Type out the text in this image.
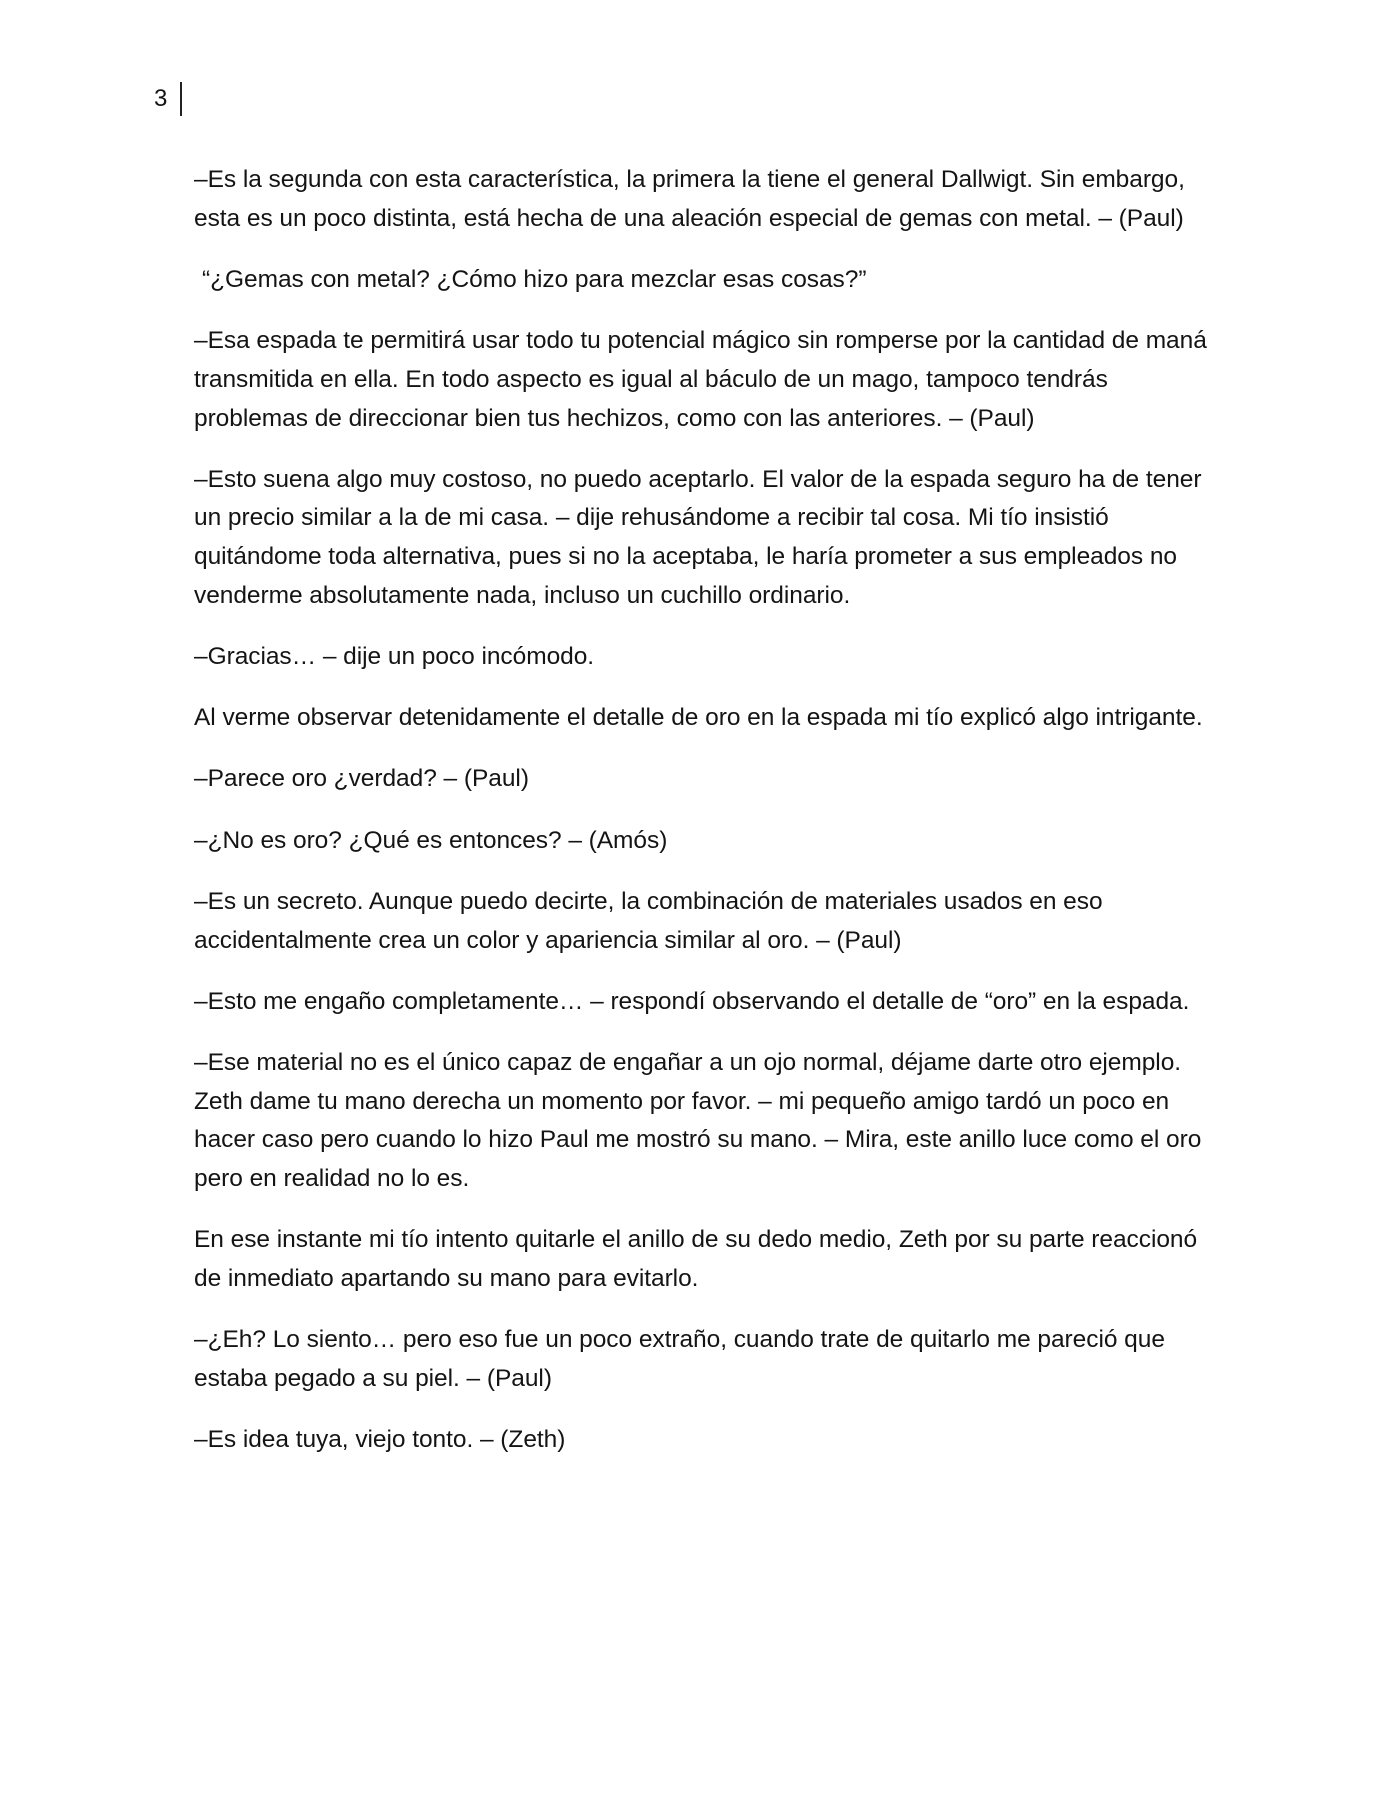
3

–Es la segunda con esta característica, la primera la tiene el general Dallwigt. Sin embargo, esta es un poco distinta, está hecha de una aleación especial de gemas con metal. – (Paul)

“¿Gemas con metal? ¿Cómo hizo para mezclar esas cosas?”

–Esa espada te permitirá usar todo tu potencial mágico sin romperse por la cantidad de maná transmitida en ella. En todo aspecto es igual al báculo de un mago, tampoco tendrás problemas de direccionar bien tus hechizos, como con las anteriores. – (Paul)

–Esto suena algo muy costoso, no puedo aceptarlo. El valor de la espada seguro ha de tener un precio similar a la de mi casa. – dije rehusándome a recibir tal cosa. Mi tío insistió quitándome toda alternativa, pues si no la aceptaba, le haría prometer a sus empleados no venderme absolutamente nada, incluso un cuchillo ordinario.

–Gracias… – dije un poco incómodo.

Al verme observar detenidamente el detalle de oro en la espada mi tío explicó algo intrigante.

–Parece oro ¿verdad? – (Paul)

–¿No es oro? ¿Qué es entonces? – (Amós)

–Es un secreto. Aunque puedo decirte, la combinación de materiales usados en eso accidentalmente crea un color y apariencia similar al oro. – (Paul)

–Esto me engaño completamente… – respondí observando el detalle de “oro” en la espada.

–Ese material no es el único capaz de engañar a un ojo normal, déjame darte otro ejemplo. Zeth dame tu mano derecha un momento por favor. – mi pequeño amigo tardó un poco en hacer caso pero cuando lo hizo Paul me mostró su mano. – Mira, este anillo luce como el oro pero en realidad no lo es.

En ese instante mi tío intento quitarle el anillo de su dedo medio, Zeth por su parte reaccionó de inmediato apartando su mano para evitarlo.

–¿Eh? Lo siento… pero eso fue un poco extraño, cuando trate de quitarlo me pareció que estaba pegado a su piel. – (Paul)

–Es idea tuya, viejo tonto. – (Zeth)
